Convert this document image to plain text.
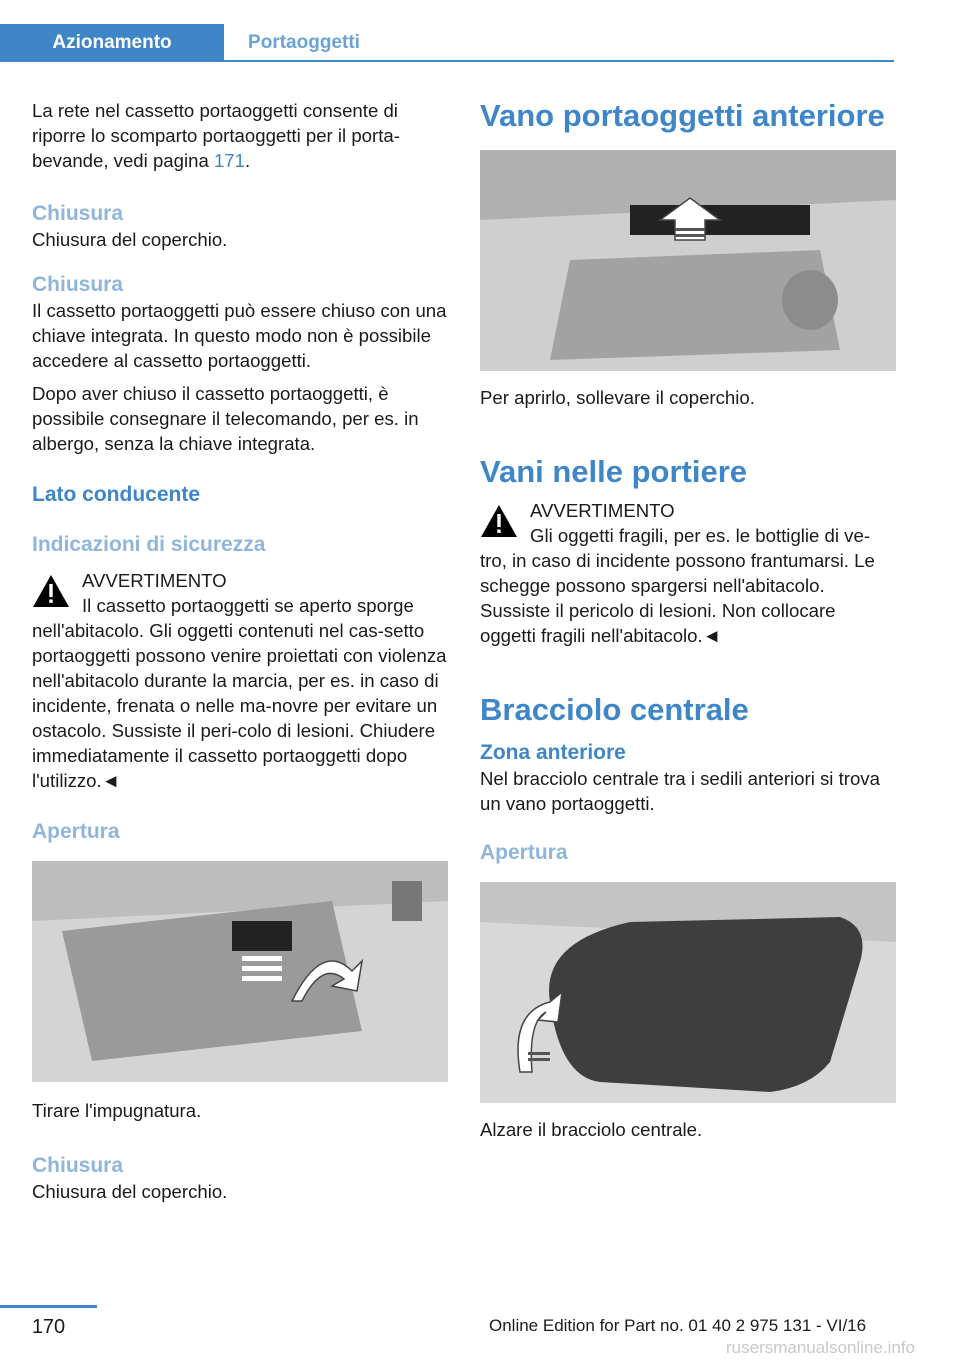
Azionamento	Portaoggetti

La rete nel cassetto portaoggetti consente di riporre lo scomparto portaoggetti per il porta-bevande, vedi pagina 171.

Chiusura

Chiusura del coperchio.

Chiusura

Il cassetto portaoggetti può essere chiuso con una chiave integrata. In questo modo non è possibile accedere al cassetto portaoggetti.

Dopo aver chiuso il cassetto portaoggetti, è possibile consegnare il telecomando, per es. in albergo, senza la chiave integrata.

Lato conducente
Indicazioni di sicurezza
AVVERTIMENTO

Il cassetto portaoggetti se aperto sporge nell'abitacolo. Gli oggetti contenuti nel cas-setto portaoggetti possono venire proiettati con violenza nell'abitacolo durante la marcia, per es. in caso di incidente, frenata o nelle ma-novre per evitare un ostacolo. Sussiste il peri-colo di lesioni. Chiudere immediatamente il cassetto portaoggetti dopo l'utilizzo.◄

Apertura

Tirare l'impugnatura.

Chiusura

Chiusura del coperchio.

Vano portaoggetti anteriore

Per aprirlo, sollevare il coperchio.

Vani nelle portiere
AVVERTIMENTO

Gli oggetti fragili, per es. le bottiglie di ve-tro, in caso di incidente possono frantumarsi. Le schegge possono spargersi nell'abitacolo. Sussiste il pericolo di lesioni. Non collocare oggetti fragili nell'abitacolo.◄

Bracciolo centrale
Zona anteriore

Nel bracciolo centrale tra i sedili anteriori si trova un vano portaoggetti.

Apertura

Alzare il bracciolo centrale.

170	Online Edition for Part no. 01 40 2 975 131 - VI/16
rusersmanualsonline.info
